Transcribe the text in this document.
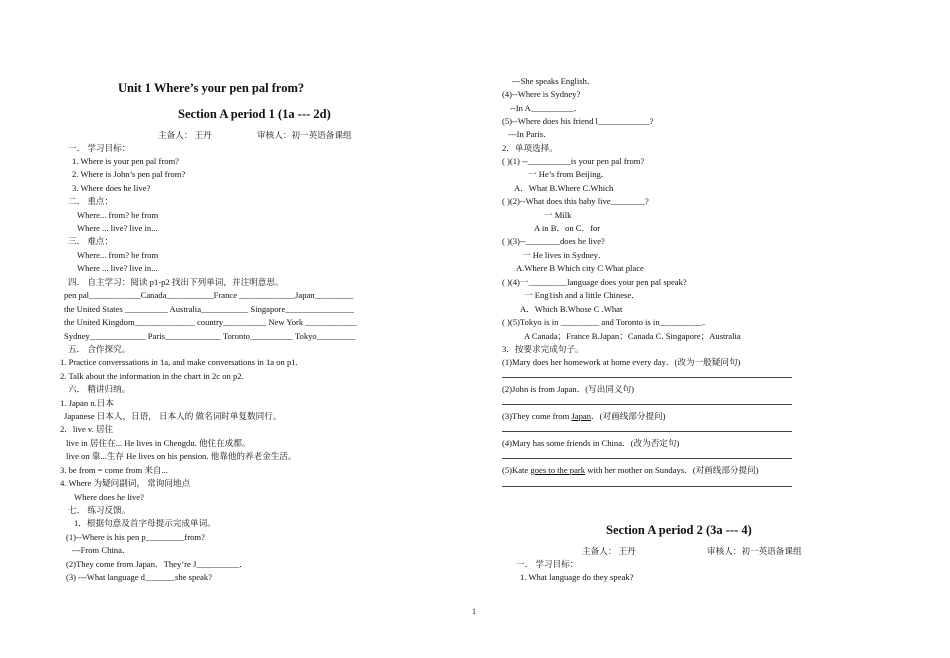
Unit 1 Where’s your pen pal from?
Section A period 1 (1a --- 2d)
主备人： 王丹	审核人：初一英语备课组
一． 学习目标：
1. Where is your pen pal from?
2. Where is John’s pen pal from?
3. Where does he live?
二． 重点：
Where... from? be from
Where ... live? live in...
三． 难点：
Where... from? be from
Where ... live? live in...
四． 自主学习：阅读 p1-p2 找出下列单词，并注明意思。
pen pal____________Canada___________France _____________Japan_________
the United States __________ Australia___________ Singapore________________
the United Kingdom______________ country__________ New York ____________
Sydney_____________ Paris_____________ Toronto__________ Tokyo_________
五． 合作探究。
1. Practice converssations in 1a, and make conversations in 1a on p1.
2. Talk about the information in the chart in 2c on p2.
六． 精讲归纳。
1. Japan n.日本
Japanese 日本人，日语， 日本人的 做名词时单复数同行。
2．live v. 居住
live in 居住在... He lives in Chengdu. 他住在成都。
live on 靠...生存 He lives on his pension. 他靠他的养老金生活。
3. be from = come from 来自...
4. Where 为疑问副词， 常询问地点
Where does he live?
七． 练习反馈。
1．根据句意及首字母提示完成单词。
(1)--Where is his pen p_________from?
---From China．
(2)They come from Japan．They’re J__________．
(3) ---What language d_______she speak?
---She speaks English．
(4)--Where is Sydney?
--In A__________．
(5)--Where does his friend l____________?
---In Paris．
2．单项选择。
( )(1) --__________is your pen pal from?
一 He’s from Beijing．
A．What B.Where C.Which
( )(2)--What does this baby live________?
一 Milk
A in B．on C．for
( )(3)--________does he live?
一 He lives in Sydney．
A.Where B Which city C What place
( )(4)一_________language does your pen pal speak?
一 Eng1ish and a little Chinese．
A．Which B.Whose C .What
( )(5)Tokyo is in _________ and Toronto is in__________．
A Canada；France B.Japan；Canada C. Singapore；Australia
3．按要求完成句子。
(1)Mary does her homework at home every day．(改为一般疑问句)
(2)John is from Japan．(写出同义句)
(3)They come from Japan．(对画线部分提问)
(4)Mary has some friends in China．(改为否定句)
(5)Kate goes to the park with her mother on Sundays．(对画线部分提问)
Section A period 2 (3a --- 4)
主备人： 王丹	审核人：初一英语备课组
一． 学习目标：
1. What language do they speak?
1
